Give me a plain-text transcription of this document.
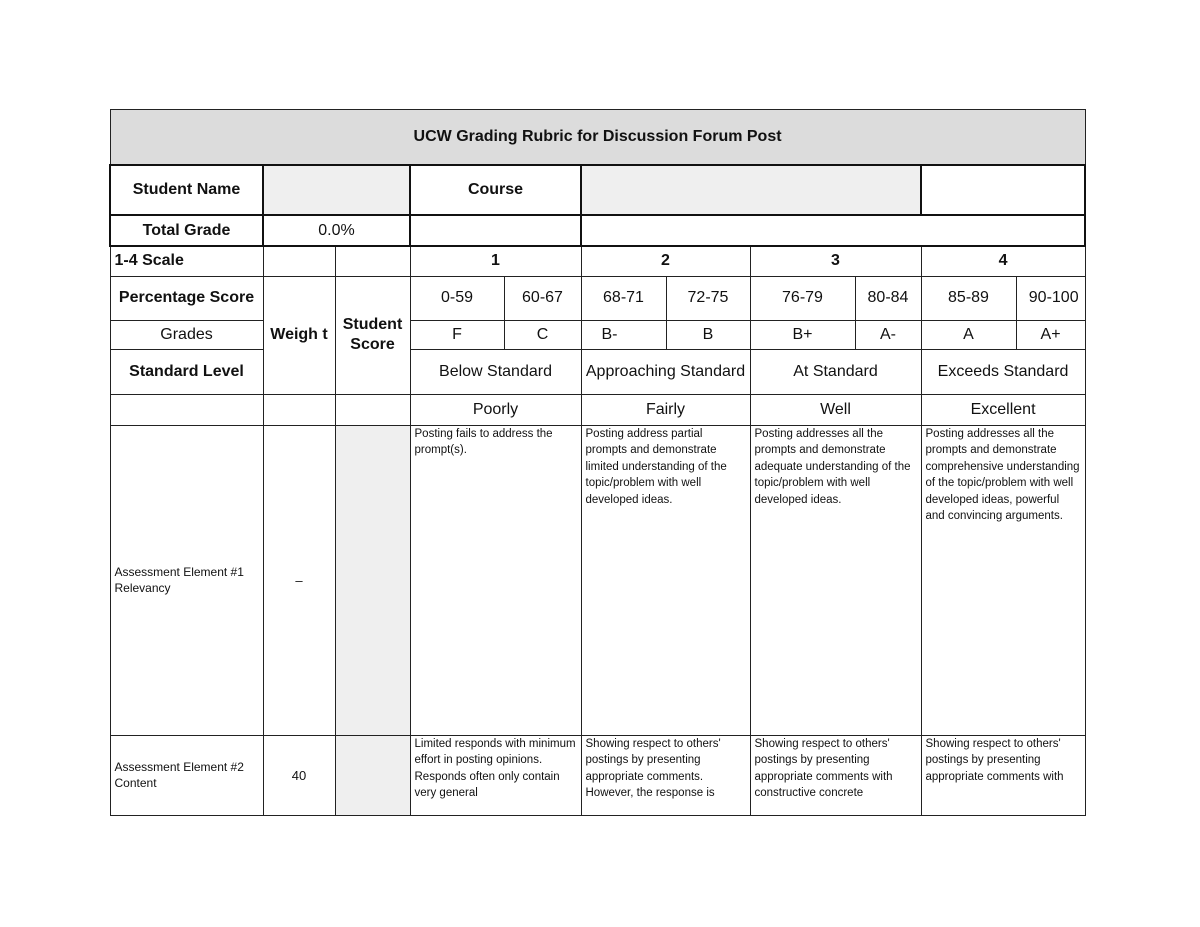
UCW Grading Rubric for Discussion Forum Post										
Student Name			Course							
Total Grade	0.0%									
1-4 Scale			1		2		3		4	
Percentage Score	Weigh t	Student Score	0-59	60-67	68-71	72-75	76-79	80-84	85-89	90-100
Grades			F	C	B-	B	B+	A-	A	A+
Standard Level			Below Standard		Approaching Standard		At Standard		Exceeds Standard	
			Poorly		Fairly		Well		Excellent	
Assessment Element #1 Relevancy	–		Posting fails to address the prompt(s).		Posting address partial prompts and demonstrate limited understanding of the topic/problem with well developed ideas.		Posting addresses all the prompts and demonstrate adequate understanding of the topic/problem with well developed ideas.		Posting addresses all the prompts and demonstrate comprehensive understanding of the topic/problem with well developed ideas, powerful and convincing arguments.	
Assessment Element #2 Content	40		Limited responds with minimum effort in posting opinions. Responds often only contain very general		Showing respect to others' postings by presenting appropriate comments. However, the response is		Showing respect to others' postings by presenting appropriate comments with constructive concrete		Showing respect to others' postings by presenting appropriate comments with	
